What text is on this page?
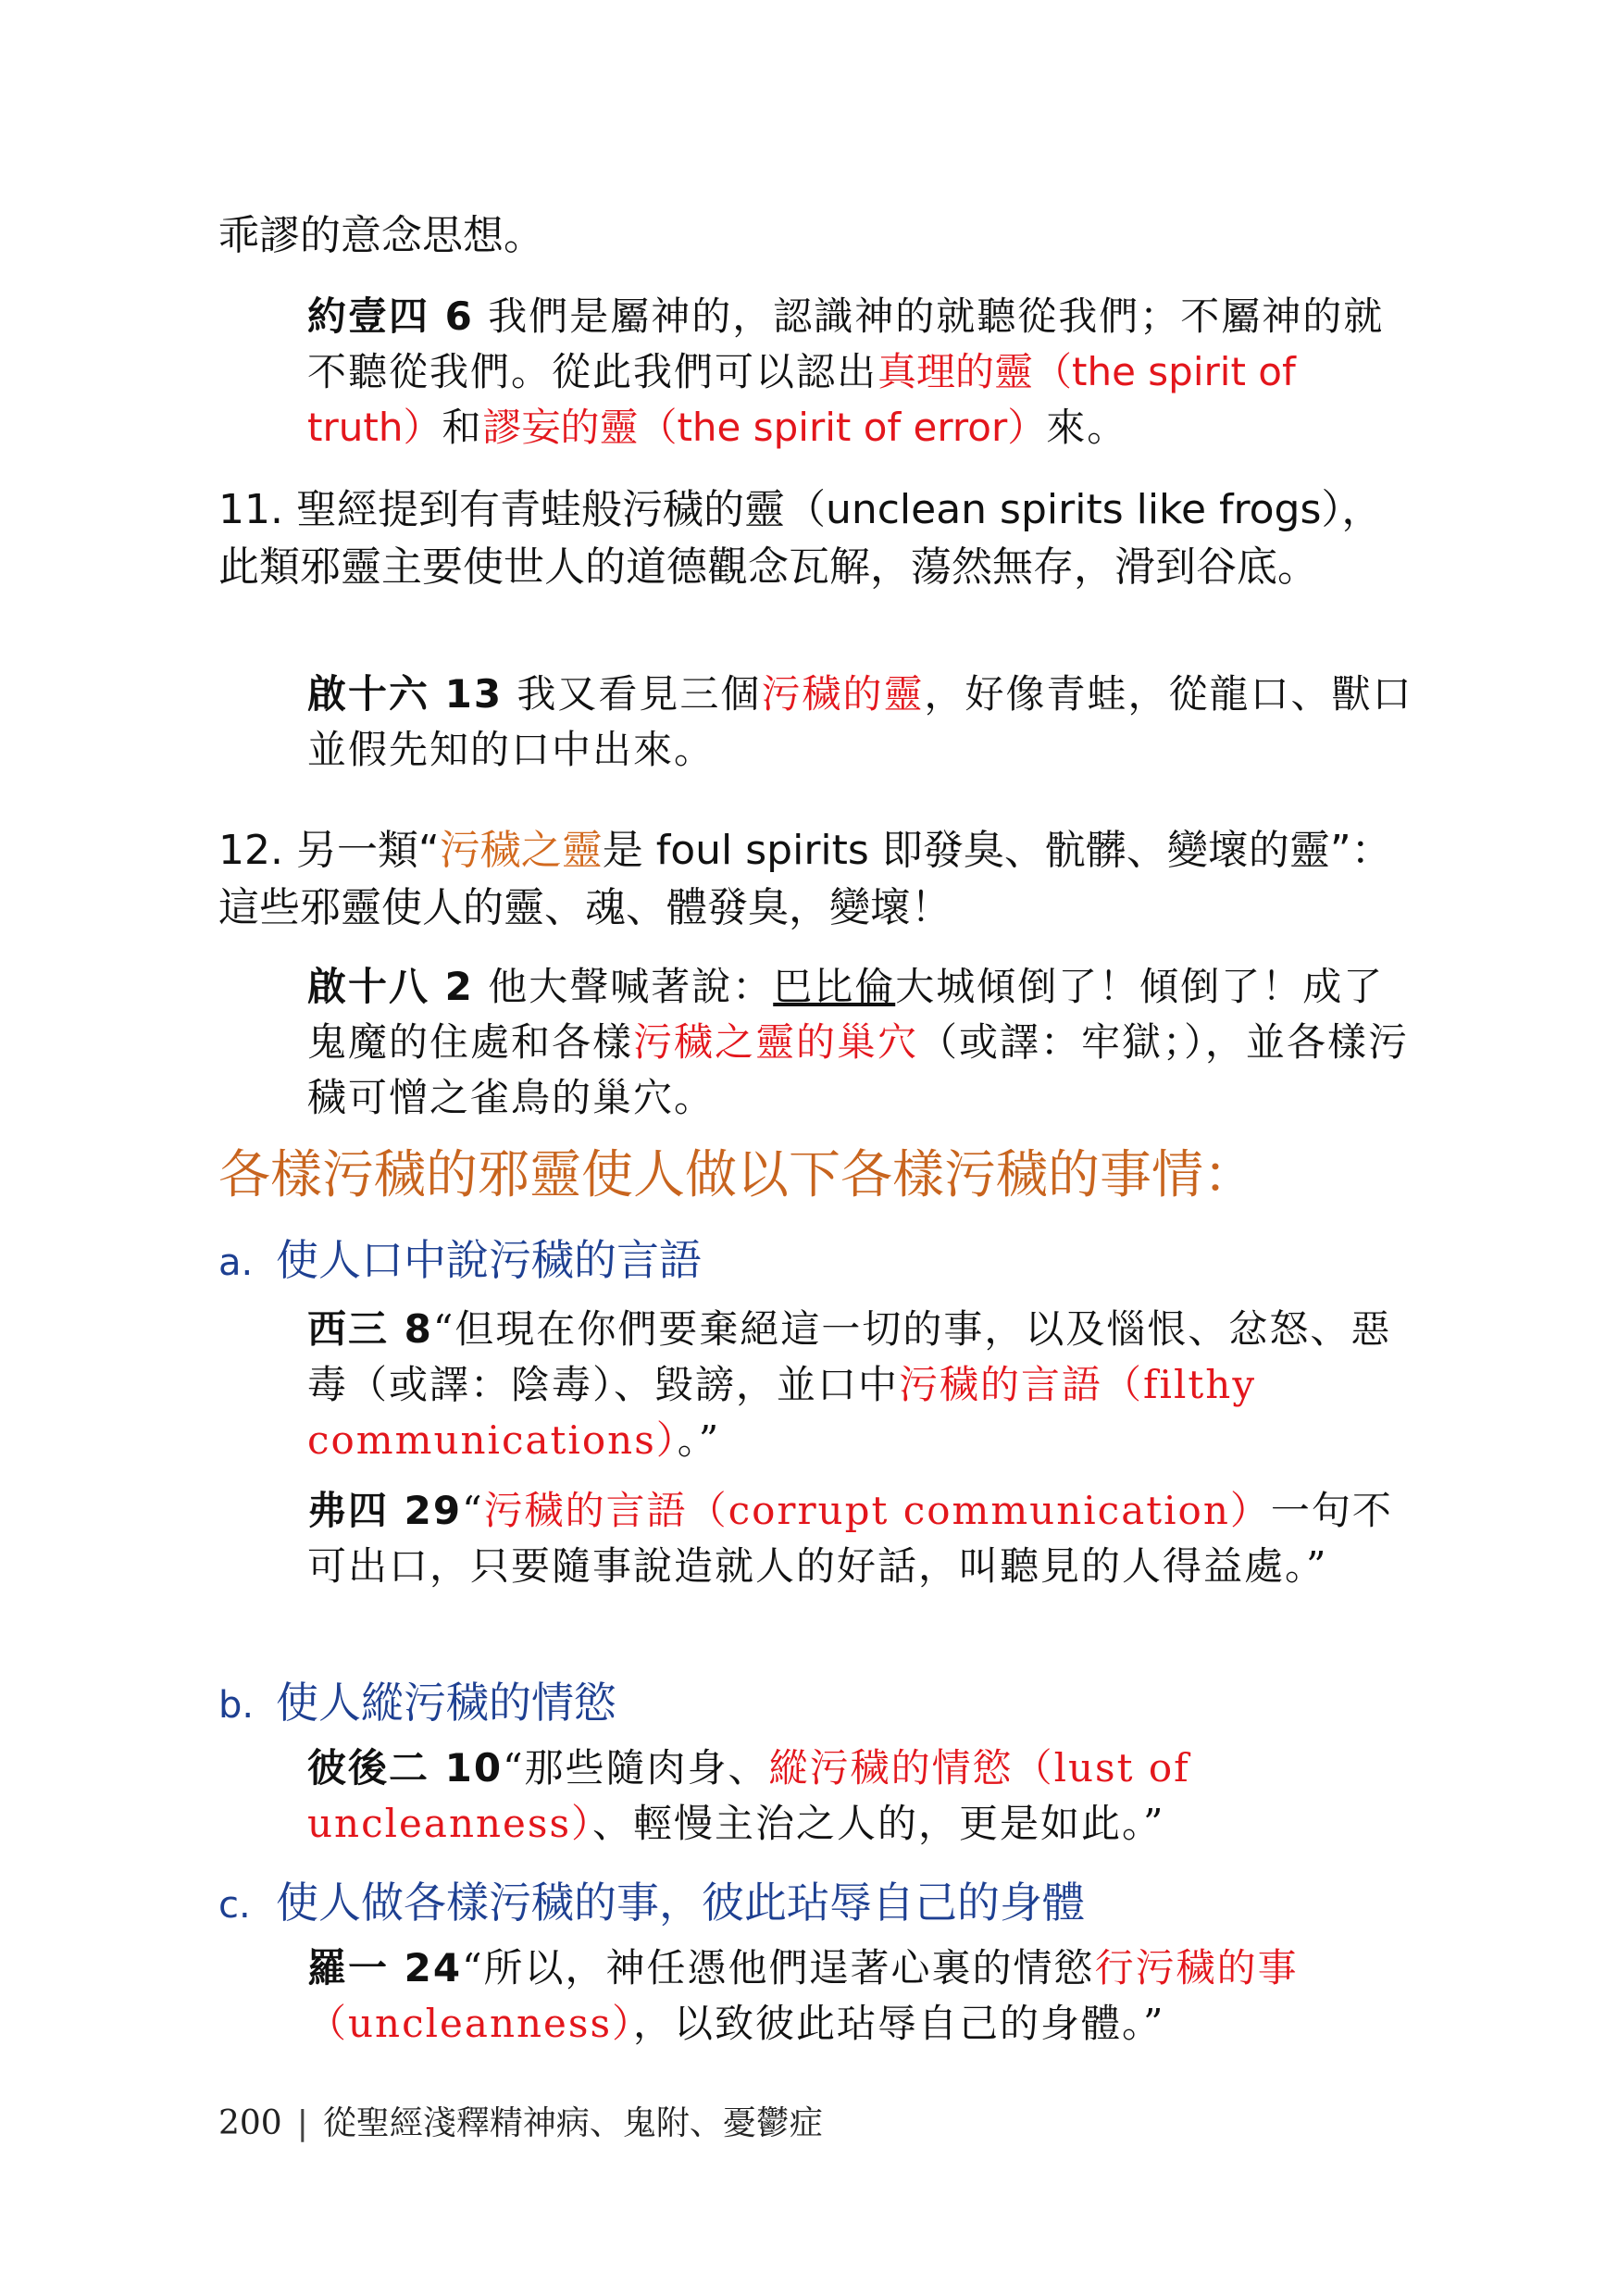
乖謬的意念思想。
約壹四 6 我們是屬神的，認識神的就聽從我們；不屬神的就不聽從我們。從此我們可以認出真理的靈（the spirit of truth）和謬妄的靈（the spirit of error）來。
11. 聖經提到有青蛙般污穢的靈（unclean spirits like frogs），此類邪靈主要使世人的道德觀念瓦解，蕩然無存，滑到谷底。
啟十六 13 我又看見三個污穢的靈，好像青蛙，從龍口、獸口並假先知的口中出來。
12. 另一類“污穢之靈是 foul spirits 即發臭、骯髒、變壞的靈”：這些邪靈使人的靈、魂、體發臭，變壞！
啟十八 2 他大聲喊著說：巴比倫大城傾倒了！傾倒了！成了鬼魔的住處和各樣污穢之靈的巢穴（或譯：牢獄；），並各樣污穢可憎之雀鳥的巢穴。
各樣污穢的邪靈使人做以下各樣污穢的事情：
a. 使人口中說污穢的言語
西三 8“但現在你們要棄絕這一切的事，以及惱恨、忿怒、惡毒（或譯：陰毒）、毀謗，並口中污穢的言語（filthy communications）。”
弗四 29“污穢的言語（corrupt communication）一句不可出口，只要隨事說造就人的好話，叫聽見的人得益處。”
b. 使人縱污穢的情慾
彼後二 10“那些隨肉身、縱污穢的情慾（lust of uncleanness）、輕慢主治之人的，更是如此。”
c. 使人做各樣污穢的事，彼此玷辱自己的身體
羅一 24“所以，神任憑他們逞著心裏的情慾行污穢的事（uncleanness），以致彼此玷辱自己的身體。”
200 | 從聖經淺釋精神病、鬼附、憂鬱症
